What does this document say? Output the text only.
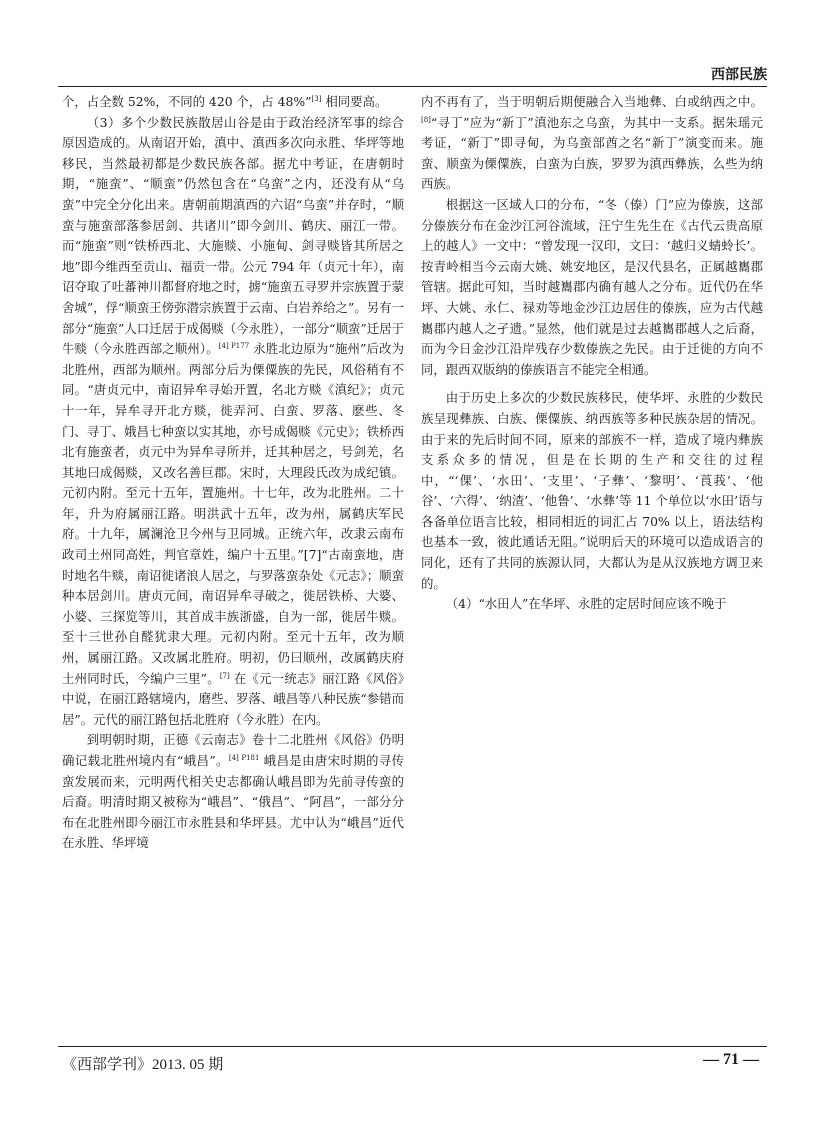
西部民族

个，占全数 52%，不同的 420 个，占 48%”[3] 相同要高。

（3）多个少数民族散居山谷是由于政治经济军事的综合原因造成的。从南诏开始，滇中、滇西多次向永胜、华坪等地移民，当然最初都是少数民族各部。据尤中考证，在唐朝时期，“施蛮”、“顺蛮”仍然包含在“乌蛮”之内，还没有从“乌蛮”中完全分化出来。唐朝前期滇西的六诏“乌蛮”并存时，“顺蛮与施蛮部落参居剑、共诸川”即今剑川、鹤庆、丽江一带。而“施蛮”则“铁桥西北、大施赕、小施甸、剑寻赕皆其所居之地”即今维西至贡山、福贡一带。公元 794 年（贞元十年），南诏夺取了吐蕃神川都督府地之时，掳“施蛮五寻罗并宗族置于蒙舍城”，俘“顺蛮王傍弥潜宗族置于云南、白岩养给之”。另有一部分“施蛮”人口迁居于成偈赕（今永胜），一部分“顺蛮”迁居于牛赕（今永胜西部之顺州）。$^{[4] P177}$ 永胜北边原为“施州”后改为北胜州，西部为顺州。两部分后为傈僳族的先民，风俗稍有不同。“唐贞元中，南诏异牟寻始开置，名北方赕《滇纪》；贞元十一年，异牟寻开北方赕，徙弄河、白蛮、罗落、麽些、冬门、寻丁、娥昌七种蛮以实其地，亦号成偈赕《元史》；铁桥西北有施蛮者，贞元中为异牟寻所并，迁其种居之，号剑羌，名其地曰成偈赕，又改名善巨郡。宋时，大理段氏改为成纪镇。元初内附。至元十五年，置施州。十七年，改为北胜州。二十年，升为府属丽江路。明洪武十五年，改为州，属鹤庆军民府。十九年，属澜沧卫今州与卫同城。正统六年，改隶云南布政司土州同高姓，判官章姓，编户十五里。”[7]“古南蛮地，唐时地名牛赕，南诏徙诸浪人居之，与罗落蛮杂处《元志》；顺蛮种本居剑川。唐贞元间，南诏异牟寻破之，徙居铁桥、大婆、小婆、三探览等川，其首成丰族浙盛，自为一部，徙居牛赕。至十三世孙自醛犹隶大理。元初内附。至元十五年，改为顺州，属丽江路。又改属北胜府。明初，仍曰顺州，改属鹤庆府土州同时氏，今编户三里”。[7] 在《元一统志》丽江路《风俗》中说，在丽江路辖境内，磨些、罗落、峨昌等八种民族“参错而居”。元代的丽江路包括北胜府（今永胜）在内。

到明朝时期，正德《云南志》卷十二北胜州《风俗》仍明确记载北胜州境内有“峨昌”。$^{[4] P181}$ 峨昌是由唐宋时期的寻传蛮发展而来，元明两代相关史志都确认峨昌即为先前寻传蛮的后裔。明清时期又被称为“峨昌”、“俄昌”、“阿昌”，一部分分布在北胜州即今丽江市永胜县和华坪县。尤中认为“峨昌”近代在永胜、华坪境

内不再有了，当于明朝后期便融合入当地彝、白或纳西之中。[8]“寻丁”应为“新丁”滇池东之乌蛮，为其中一支系。据朱瑶元考证，“新丁”即寻甸，为乌蛮部酋之名“新丁”演变而来。施蛮、顺蛮为傈僳族，白蛮为白族，罗罗为滇西彝族，么些为纳西族。

根据这一区域人口的分布，“冬（傣）门”应为傣族，这部分傣族分布在金沙江河谷流域，汪宁生先生在《古代云贵高原上的越人》一文中：“曾发现一汉印，文曰：‘越归义蜻蛉长’。按青岭相当今云南大姚、姚安地区，是汉代县名，正属越巂郡管辖。据此可知，当时越巂郡内确有越人之分布。近代仍在华坪、大姚、永仁、禄劝等地金沙江边居住的傣族，应为古代越巂郡内越人之孑遗。”显然，他们就是过去越巂郡越人之后裔，而为今日金沙江沿岸残存少数傣族之先民。由于迁徙的方向不同，跟西双版纳的傣族语言不能完全相通。

由于历史上多次的少数民族移民，使华坪、永胜的少数民族呈现彝族、白族、傈僳族、纳西族等多种民族杂居的情况。由于来的先后时间不同，原来的部族不一样，造成了境内彝族支系众多的情况，但是在长期的生产和交往的过程中，“‘倮’、‘水田’、‘支里’、‘子彝’、‘黎明’、‘莨莪’、‘他谷’、‘六得’、‘纳渣’、‘他鲁’、‘水彝’等 11 个单位以‘水田’语与各备单位语言比较，相同相近的词汇占 70% 以上，语法结构也基本一致，彼此通话无阻。”说明后天的环境可以造成语言的同化，还有了共同的族源认同，大都认为是从汉族地方调卫来的。

（4）“水田人”在华坪、永胜的定居时间应该不晚于

《西部学刊》2013. 05 期	— 71 —
